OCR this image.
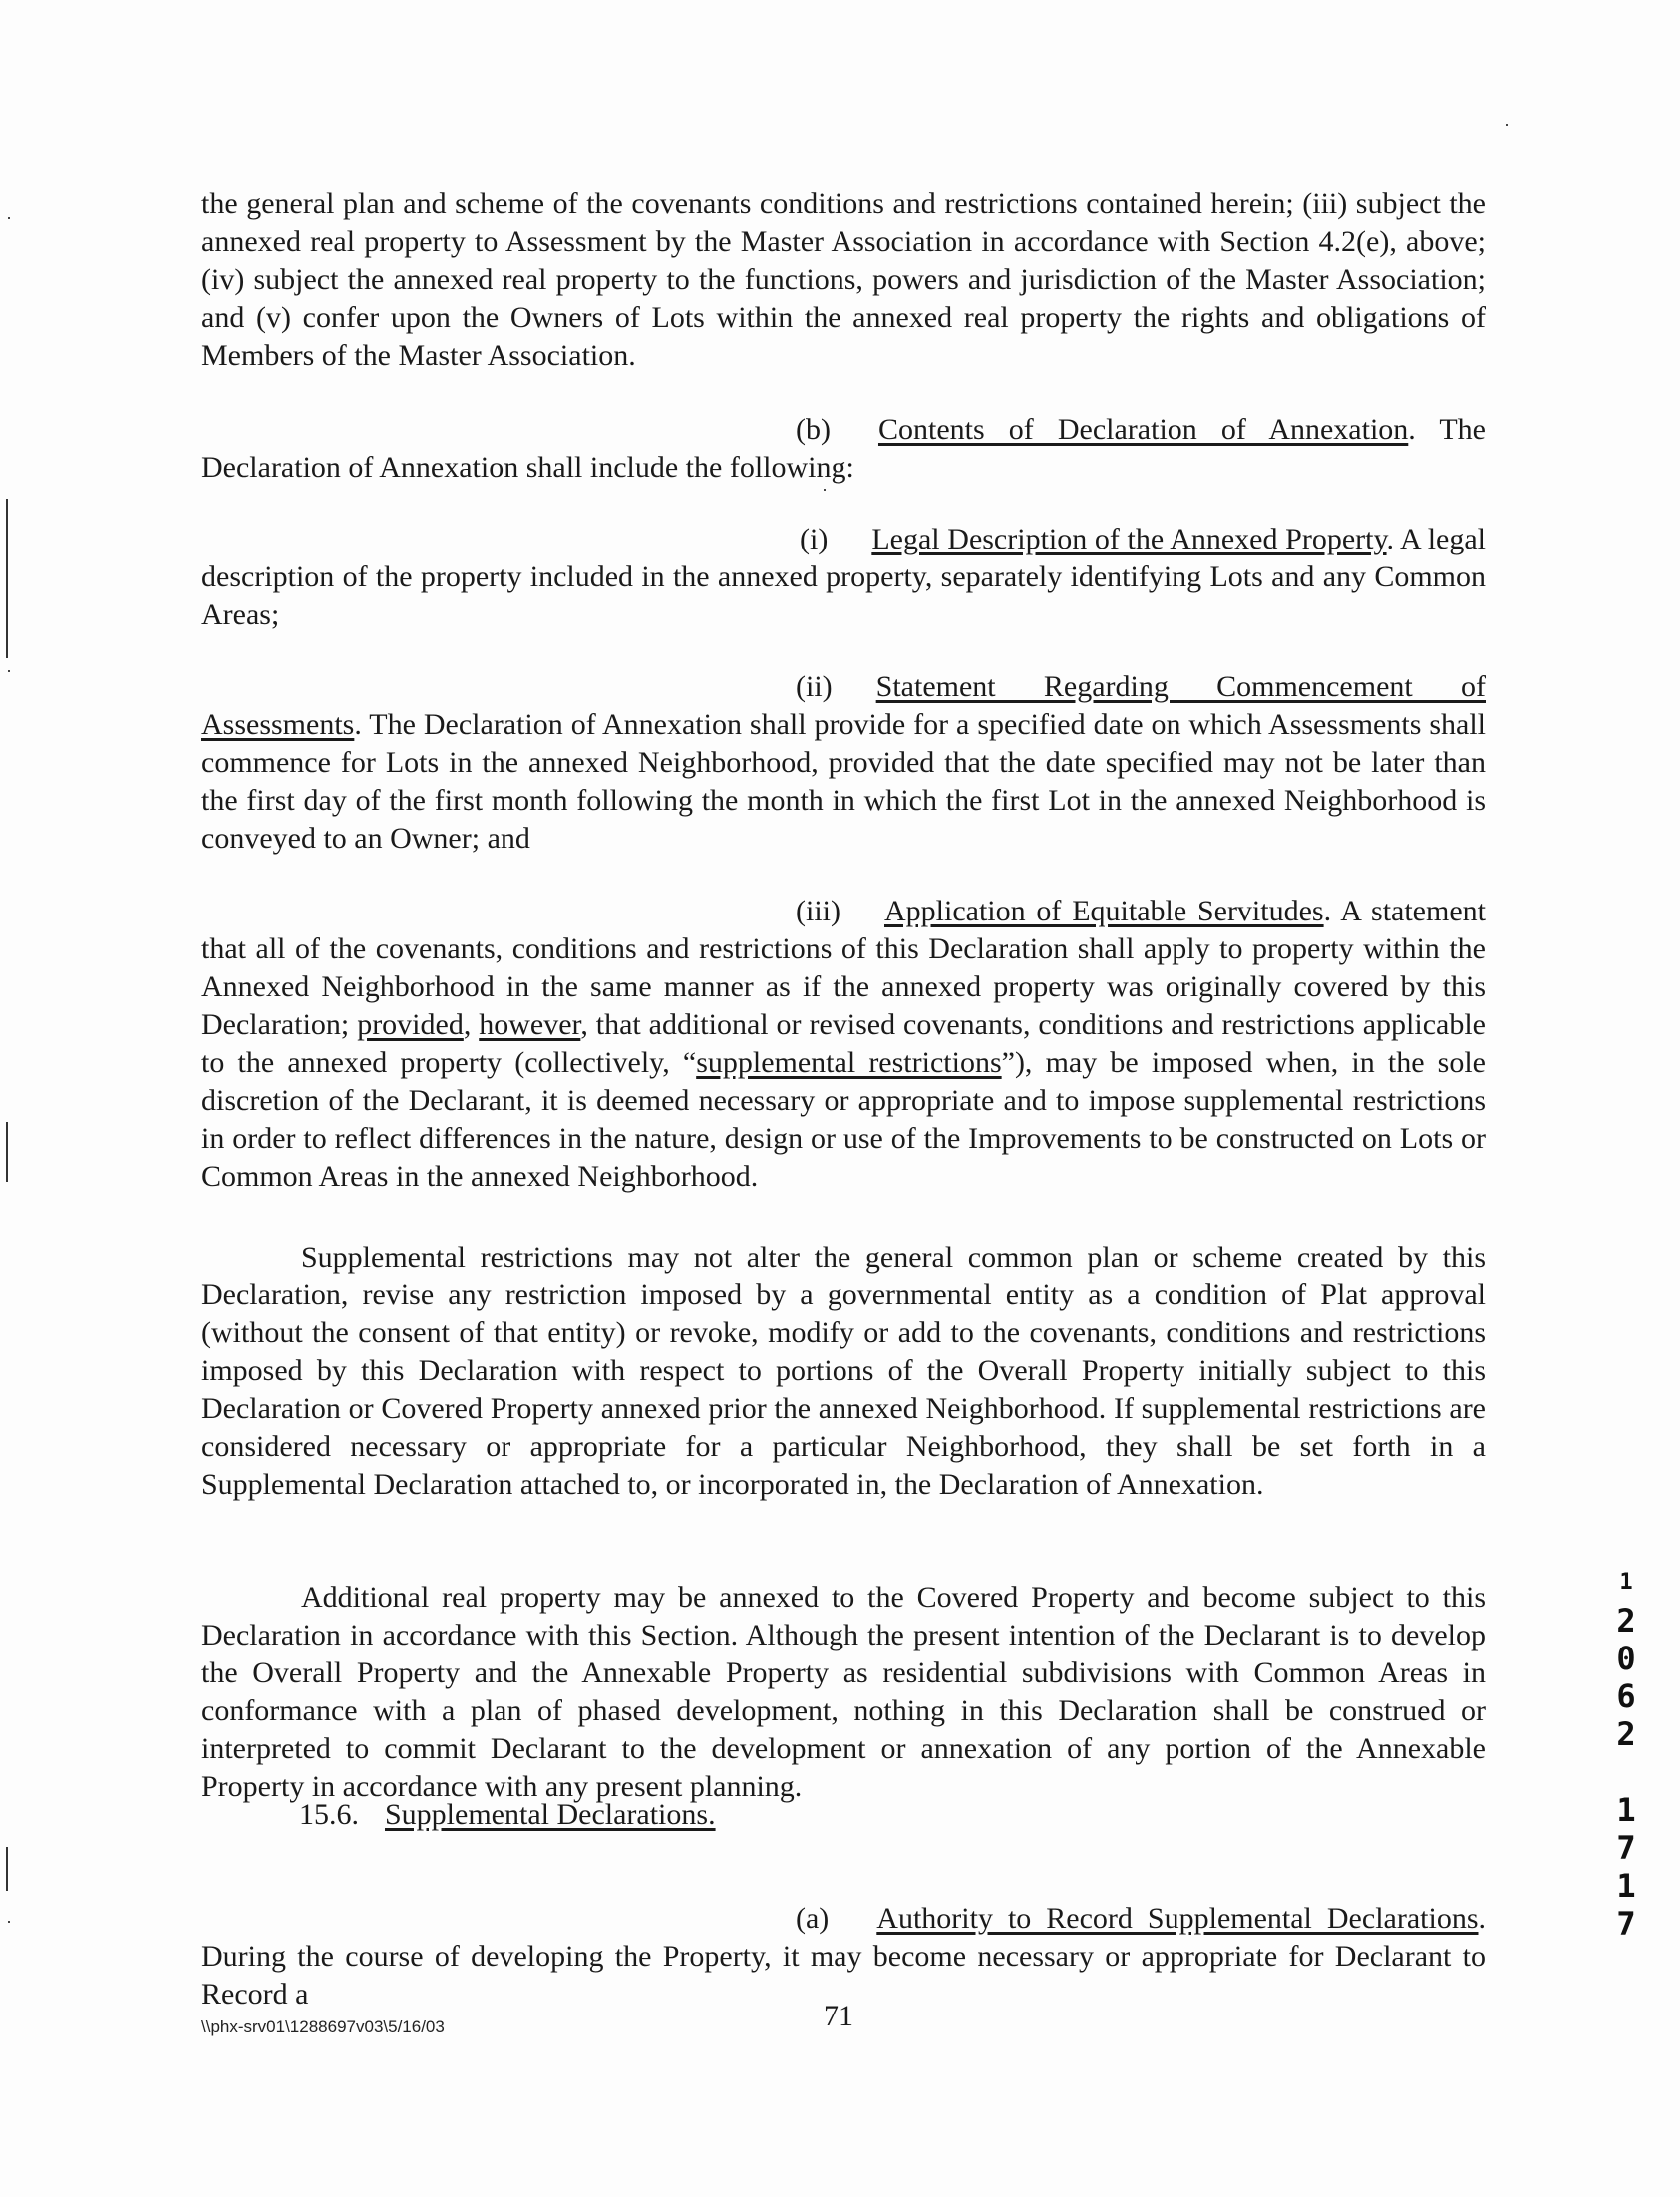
the general plan and scheme of the covenants conditions and restrictions contained herein; (iii) subject the annexed real property to Assessment by the Master Association in accordance with Section 4.2(e), above; (iv) subject the annexed real property to the functions, powers and jurisdiction of the Master Association; and (v) confer upon the Owners of Lots within the annexed real property the rights and obligations of Members of the Master Association.

(b) Contents of Declaration of Annexation. The Declaration of Annexation shall include the following:

(i) Legal Description of the Annexed Property. A legal description of the property included in the annexed property, separately identifying Lots and any Common Areas;

(ii) Statement Regarding Commencement of Assessments. The Declaration of Annexation shall provide for a specified date on which Assessments shall commence for Lots in the annexed Neighborhood, provided that the date specified may not be later than the first day of the first month following the month in which the first Lot in the annexed Neighborhood is conveyed to an Owner; and

(iii) Application of Equitable Servitudes. A statement that all of the covenants, conditions and restrictions of this Declaration shall apply to property within the Annexed Neighborhood in the same manner as if the annexed property was originally covered by this Declaration; provided, however, that additional or revised covenants, conditions and restrictions applicable to the annexed property (collectively, “supplemental restrictions”), may be imposed when, in the sole discretion of the Declarant, it is deemed necessary or appropriate and to impose supplemental restrictions in order to reflect differences in the nature, design or use of the Improvements to be constructed on Lots or Common Areas in the annexed Neighborhood.

Supplemental restrictions may not alter the general common plan or scheme created by this Declaration, revise any restriction imposed by a governmental entity as a condition of Plat approval (without the consent of that entity) or revoke, modify or add to the covenants, conditions and restrictions imposed by this Declaration with respect to portions of the Overall Property initially subject to this Declaration or Covered Property annexed prior the annexed Neighborhood. If supplemental restrictions are considered necessary or appropriate for a particular Neighborhood, they shall be set forth in a Supplemental Declaration attached to, or incorporated in, the Declaration of Annexation.

Additional real property may be annexed to the Covered Property and become subject to this Declaration in accordance with this Section. Although the present intention of the Declarant is to develop the Overall Property and the Annexable Property as residential subdivisions with Common Areas in conformance with a plan of phased development, nothing in this Declaration shall be construed or interpreted to commit Declarant to the development or annexation of any portion of the Annexable Property in accordance with any present planning.

15.6. Supplemental Declarations.

(a) Authority to Record Supplemental Declarations. During the course of developing the Property, it may become necessary or appropriate for Declarant to Record a

\\phx-srv01\1288697v03\5/16/03	71
1
2
0
6
2
1
7
1
7
